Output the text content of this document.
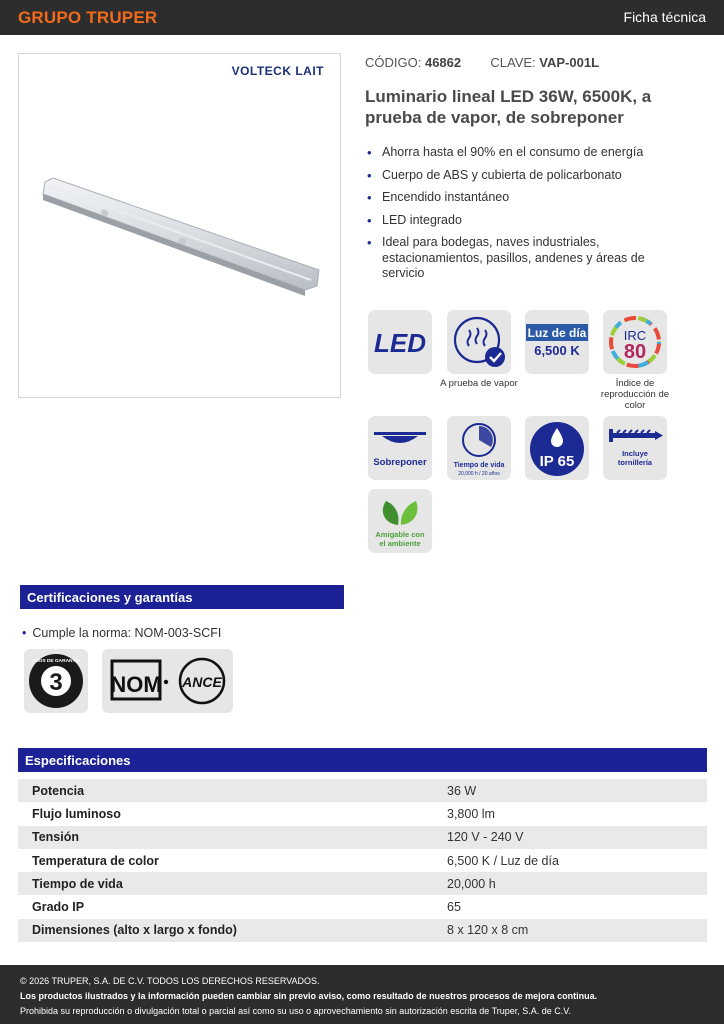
GRUPO TRUPER	Ficha técnica
VOLTECK LAIT
CÓDIGO: 46862 CLAVE: VAP-001L
Luminario lineal LED 36W, 6500K, a prueba de vapor, de sobreponer
• Ahorra hasta el 90% en el consumo de energía
• Cuerpo de ABS y cubierta de policarbonato
• Encendido instantáneo
• LED integrado
• Ideal para bodegas, naves industriales, estacionamientos, pasillos, andenes y áreas de servicio
LED
A prueba de vapor
Luz de día
6,500 K
IRC
80
Índice de reproducción de color
Sobreponer	Tiempo de vida
20,000 h / 20 años
IP 65	Incluye
tornillería
Amigable con
el ambiente
Certificaciones y garantías
• Cumple la norma: NOM-003-SCFI
3
AÑOS DE GARANTÍA
NOM ANCE
Especificaciones
Potencia	36 W
Flujo luminoso	3,800 lm
Tensión	120 V - 240 V
Temperatura de color	6,500 K / Luz de día
Tiempo de vida	20,000 h
Grado IP	65
Dimensiones (alto x largo x fondo)	8 x 120 x 8 cm
© 2026 TRUPER, S.A. DE C.V. TODOS LOS DERECHOS RESERVADOS.
Los productos ilustrados y la información pueden cambiar sin previo aviso, como resultado de nuestros procesos de mejora continua.
Prohibida su reproducción o divulgación total o parcial así como su uso o aprovechamiento sin autorización escrita de Truper, S.A. de C.V.
